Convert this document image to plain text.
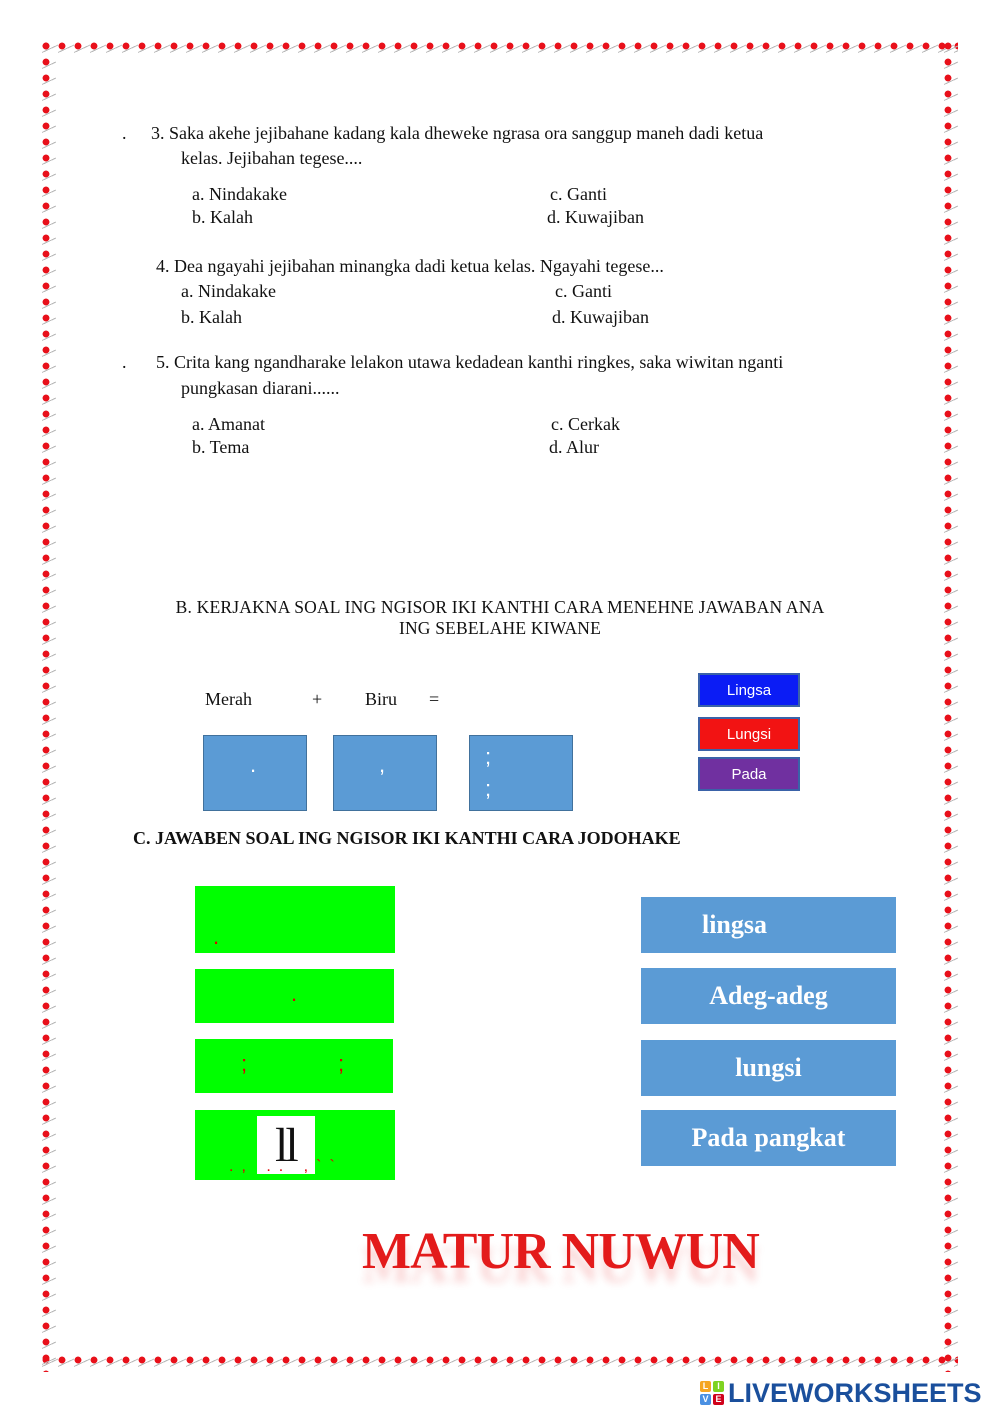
. 3. Saka akehe jejibahane kadang kala dheweke ngrasa ora sanggup maneh dadi ketua
kelas. Jejibahan tegese....
a. Nindakake
b. Kalah
c. Ganti
d. Kuwajiban
4. Dea ngayahi jejibahan minangka dadi ketua kelas. Ngayahi tegese...
a. Nindakake
b. Kalah
c. Ganti
d. Kuwajiban
. 5. Crita kang ngandharake lelakon utawa kedadean kanthi ringkes, saka wiwitan nganti
pungkasan diarani......
a. Amanat
b. Tema
c. Cerkak
d. Alur
B. KERJAKNA SOAL ING NGISOR IKI KANTHI CARA MENEHNE JAWABAN ANA
ING SEBELAHE KIWANE
Merah	+ Biru =
.	,	;
;
Lingsa
Lungsi
Pada
C. JAWABEN SOAL ING NGISOR IKI KANTHI CARA JODOHAKE
.
.
;	;
ll
., .. ,``
lingsa
Adeg-adeg
lungsi
Pada pangkat
MATUR NUWUN
L I
V E LIVEWORKSHEETS
